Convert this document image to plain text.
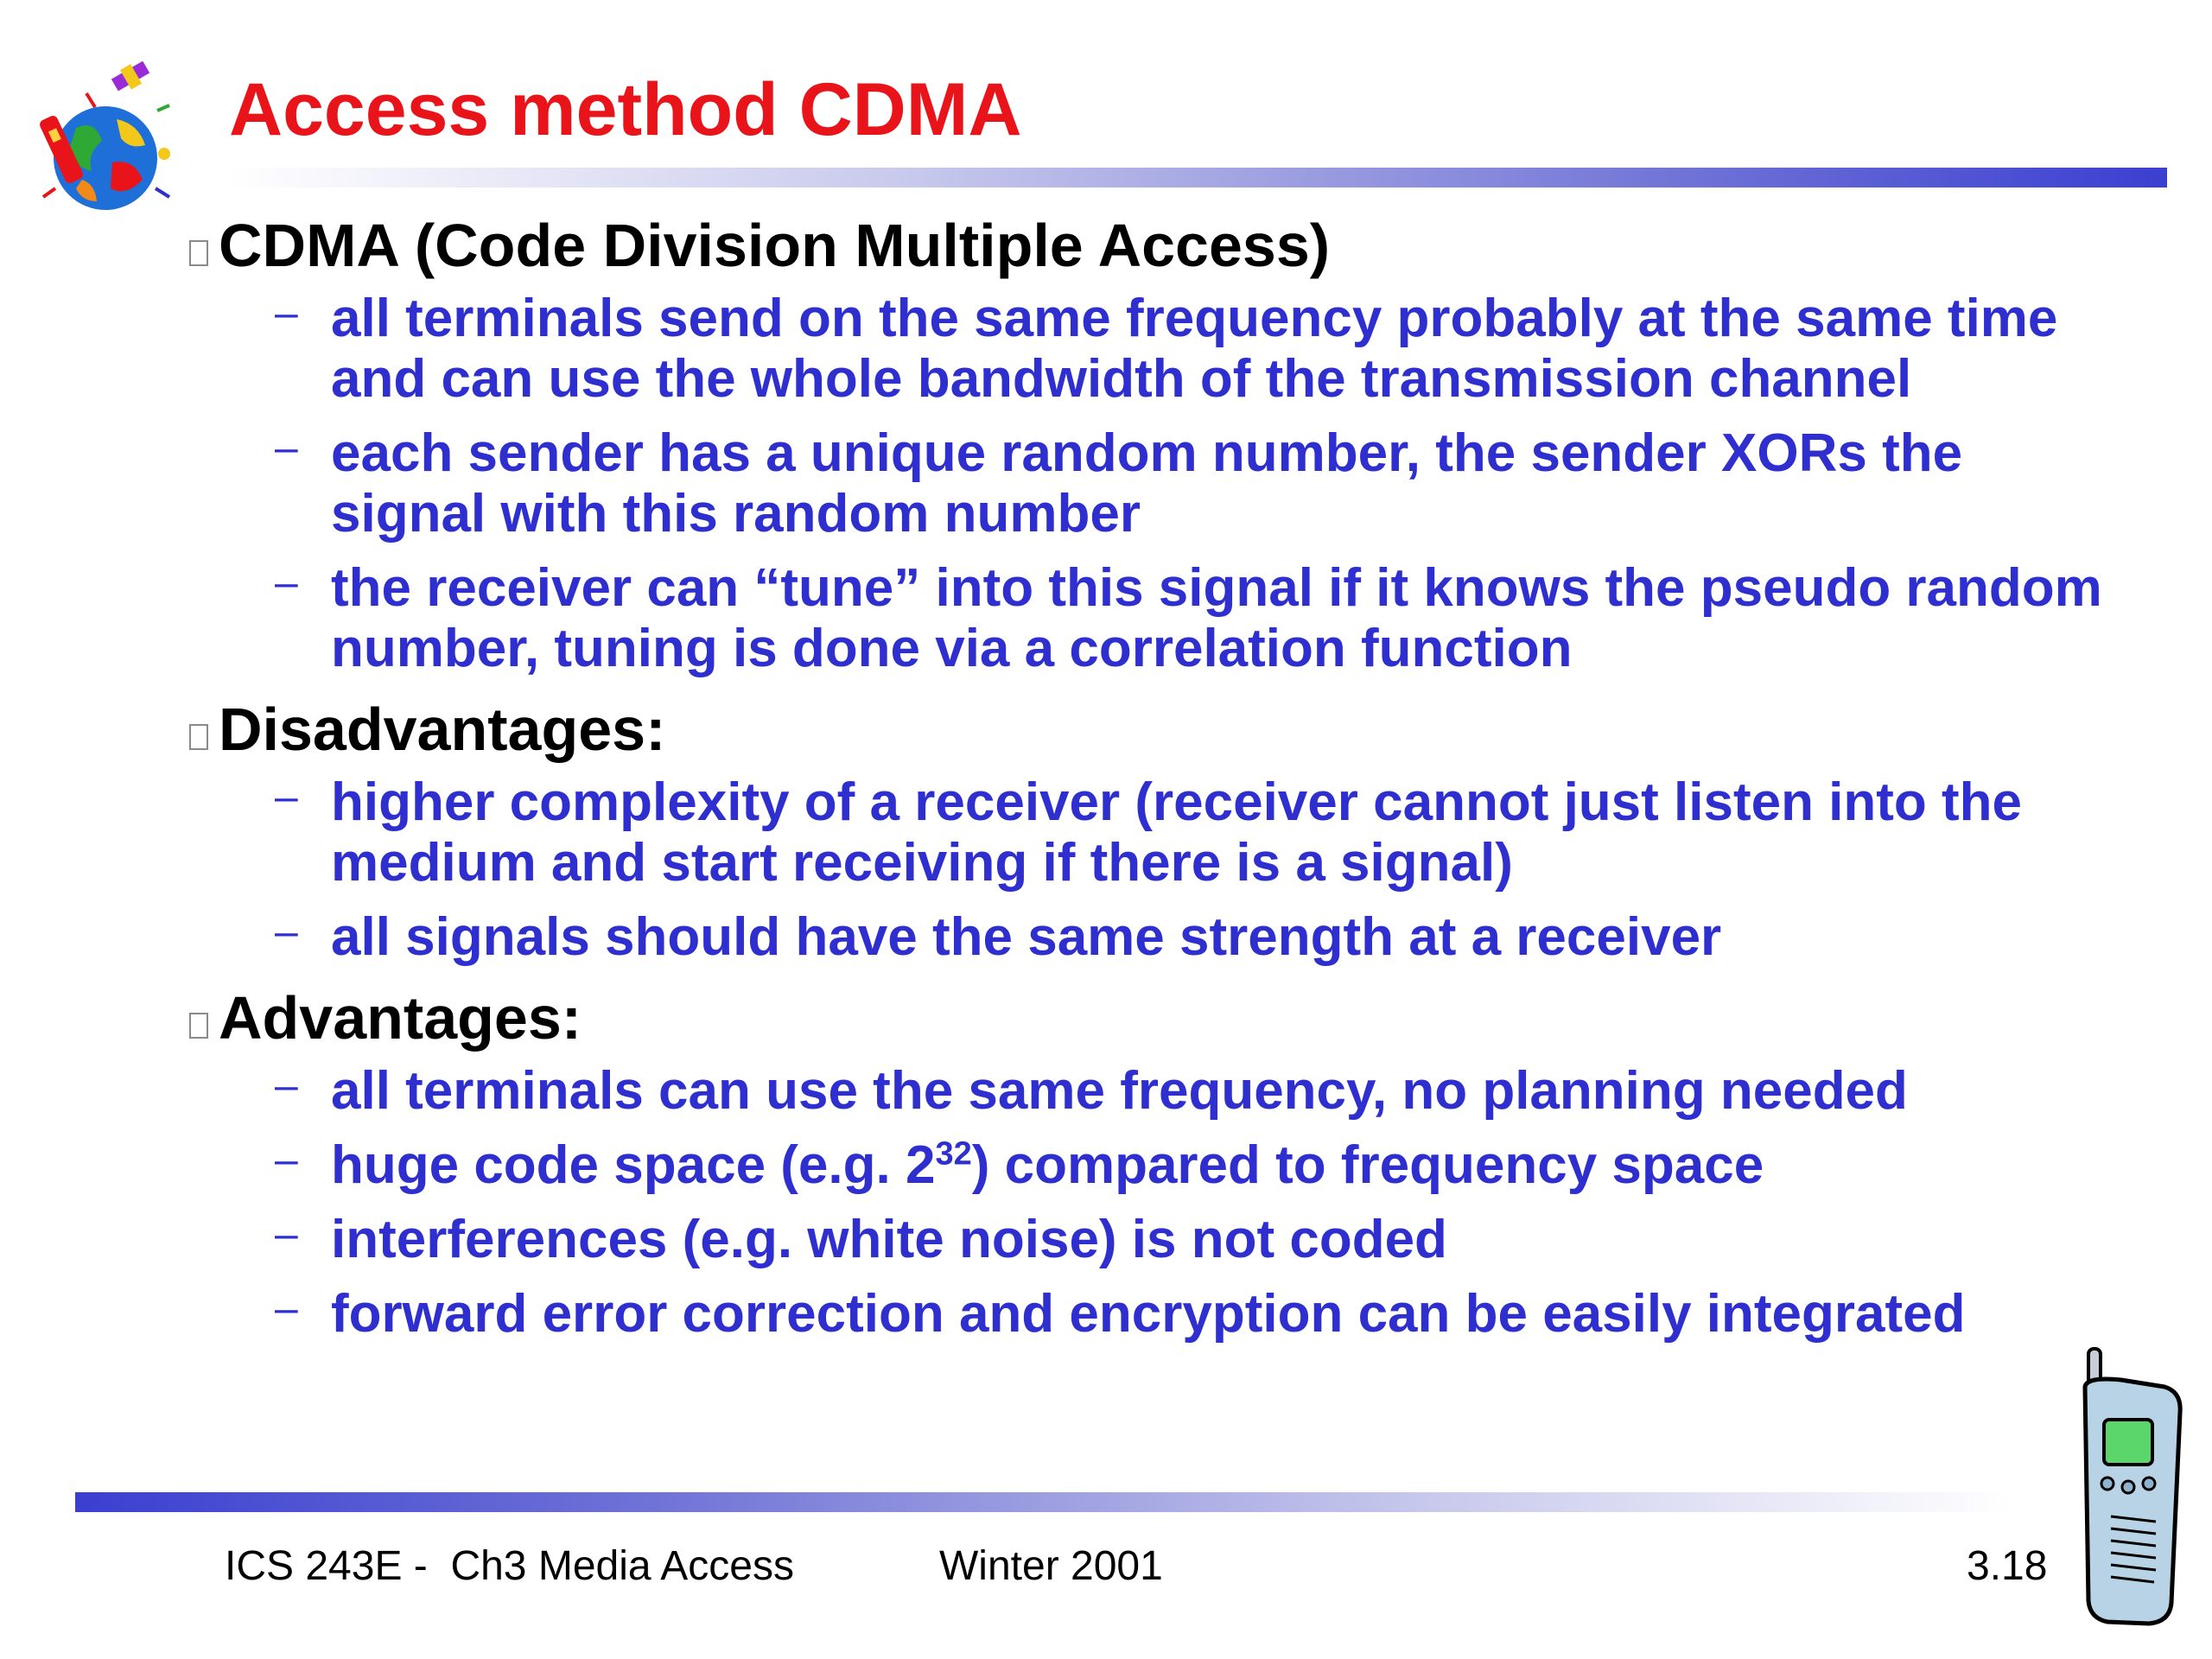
Access method CDMA
CDMA (Code Division Multiple Access)
– all terminals send on the same frequency probably at the same time and can use the whole bandwidth of the transmission channel
– each sender has a unique random number, the sender XORs the signal with this random number
– the receiver can “tune” into this signal if it knows the pseudo random number, tuning is done via a correlation function
Disadvantages:
– higher complexity of a receiver (receiver cannot just listen into the medium and start receiving if there is a signal)
– all signals should have the same strength at a receiver
Advantages:
– all terminals can use the same frequency, no planning needed
– huge code space (e.g. $2^{32}$) compared to frequency space
– interferences (e.g. white noise) is not coded
– forward error correction and encryption can be easily integrated
ICS 243E -  Ch3 Media Access	Winter 2001	3.18
